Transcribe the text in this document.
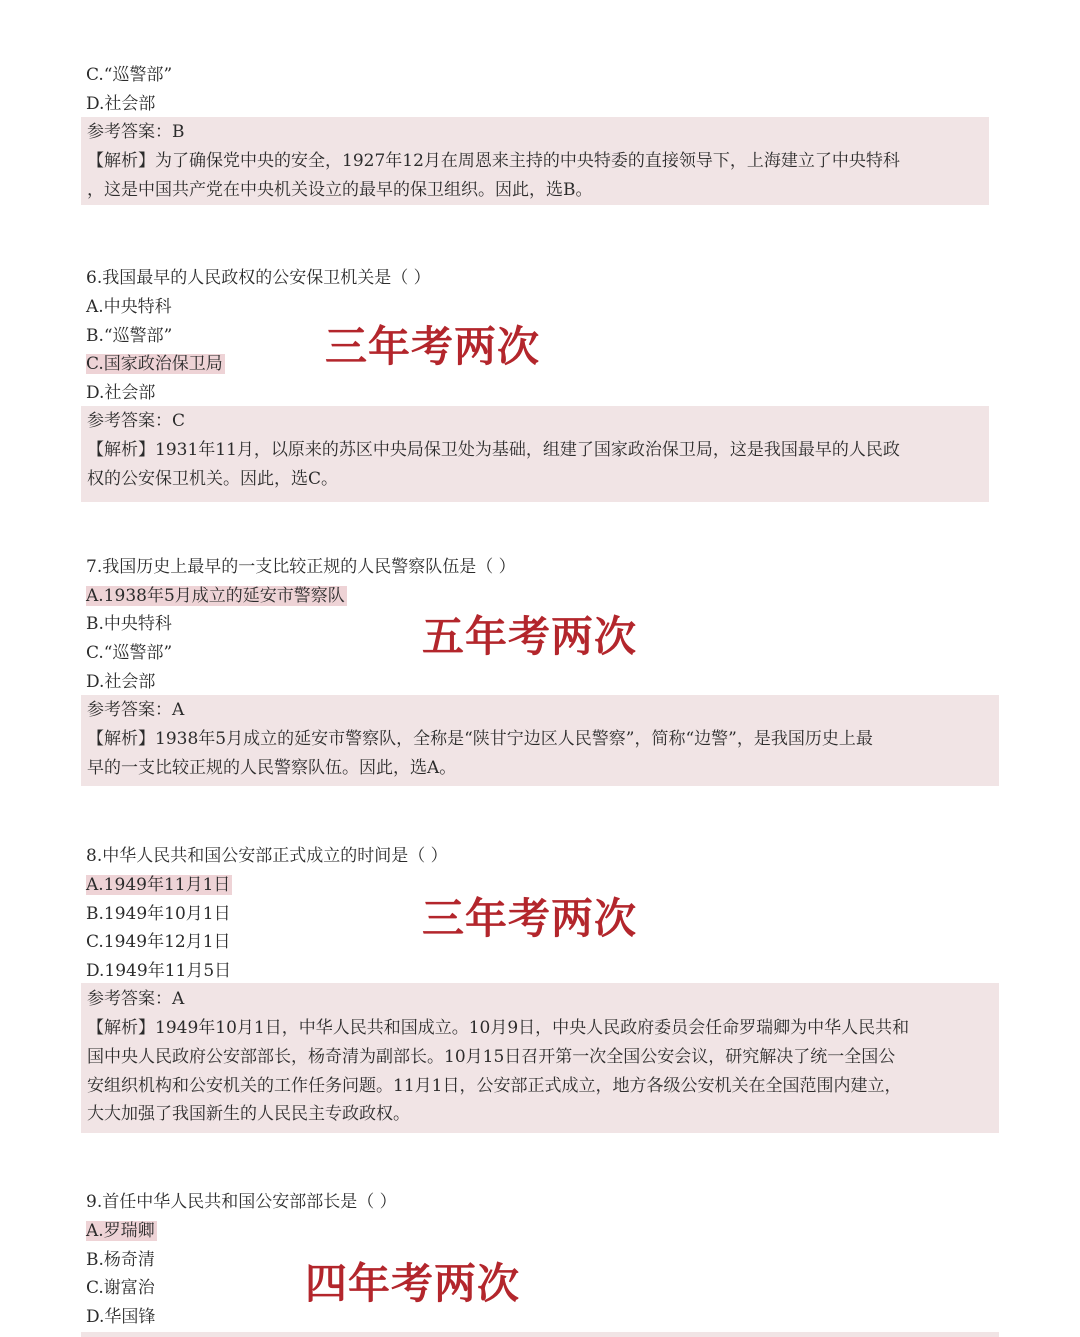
C.“巡警部”
D.社会部
参考答案：B
【解析】为了确保党中央的安全，1927年12月在周恩来主持的中央特委的直接领导下，上海建立了中央特科
，这是中国共产党在中央机关设立的最早的保卫组织。因此，选B。
6.我国最早的人民政权的公安保卫机关是（ ）
A.中央特科
B.“巡警部”
C.国家政治保卫局
D.社会部
三年考两次
参考答案：C
【解析】1931年11月，以原来的苏区中央局保卫处为基础，组建了国家政治保卫局，这是我国最早的人民政
权的公安保卫机关。因此，选C。
7.我国历史上最早的一支比较正规的人民警察队伍是（ ）
A.1938年5月成立的延安市警察队
B.中央特科
C.“巡警部”
D.社会部
五年考两次
参考答案：A
【解析】1938年5月成立的延安市警察队，全称是“陕甘宁边区人民警察”，简称“边警”，是我国历史上最
早的一支比较正规的人民警察队伍。因此，选A。
8.中华人民共和国公安部正式成立的时间是（ ）
A.1949年11月1日
B.1949年10月1日
C.1949年12月1日
D.1949年11月5日
三年考两次
参考答案：A
【解析】1949年10月1日，中华人民共和国成立。10月9日，中央人民政府委员会任命罗瑞卿为中华人民共和
国中央人民政府公安部部长，杨奇清为副部长。10月15日召开第一次全国公安会议，研究解决了统一全国公
安组织机构和公安机关的工作任务问题。11月1日，公安部正式成立，地方各级公安机关在全国范围内建立，
大大加强了我国新生的人民民主专政政权。
9.首任中华人民共和国公安部部长是（ ）
A.罗瑞卿
B.杨奇清
C.谢富治
D.华国锋
四年考两次
